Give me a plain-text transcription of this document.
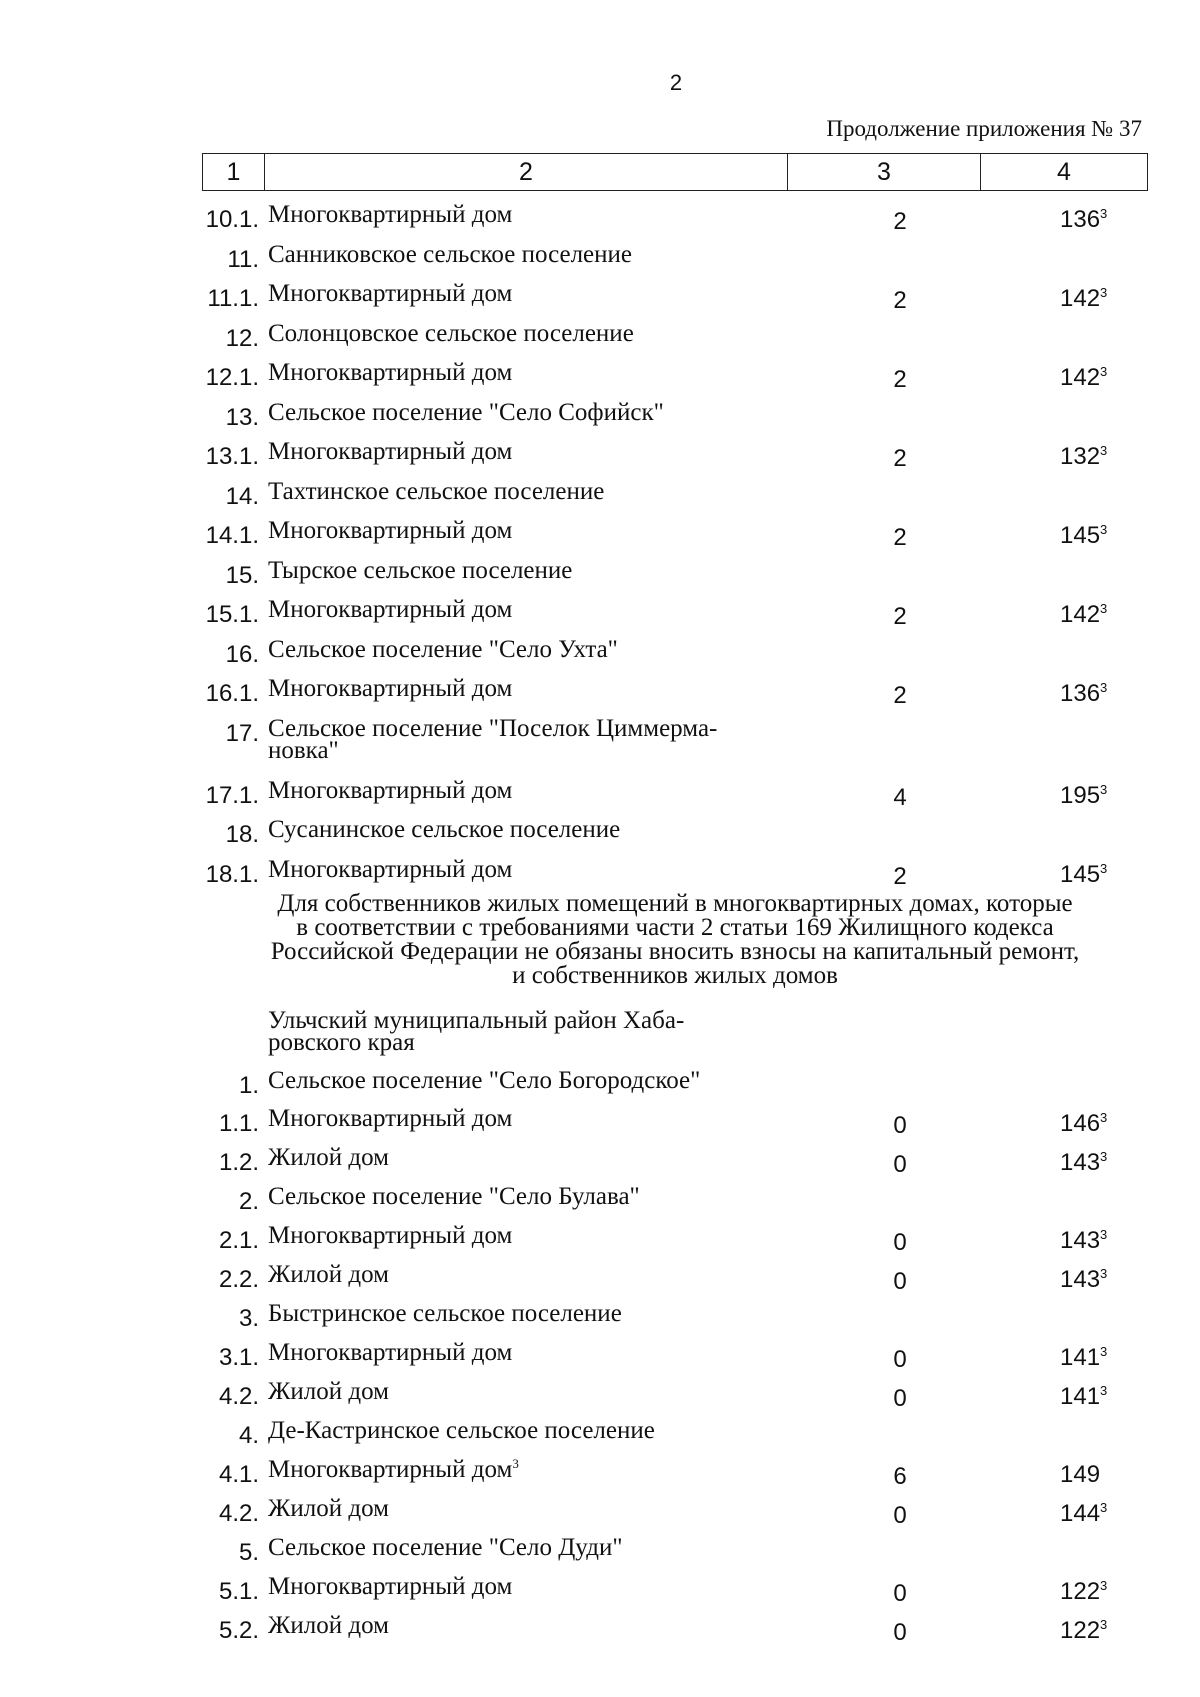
2
Продолжение приложения № 37
1	2	3	4
10.1. Многоквартирный дом	2	$136^3$
11. Санниковское сельское поселение
11.1. Многоквартирный дом	2	$142^3$
12. Солонцовское сельское поселение
12.1. Многоквартирный дом	2	$142^3$
13. Сельское поселение "Село Софийск"
13.1. Многоквартирный дом	2	$132^3$
14. Тахтинское сельское поселение
14.1. Многоквартирный дом	2	$145^3$
15. Тырское сельское поселение
15.1. Многоквартирный дом	2	$142^3$
16. Сельское поселение "Село Ухта"
16.1. Многоквартирный дом	2	$136^3$
17. Сельское поселение "Поселок Циммерма-
новка"
17.1. Многоквартирный дом	4	$195^3$
18. Сусанинское сельское поселение
18.1. Многоквартирный дом	2	$145^3$
Для собственников жилых помещений в многоквартирных домах, которые
в соответствии с требованиями части 2 статьи 169 Жилищного кодекса
Российской Федерации не обязаны вносить взносы на капитальный ремонт,
и собственников жилых домов
Ульчский муниципальный район Хаба-
ровского края
1. Сельское поселение "Село Богородское"
1.1. Многоквартирный дом	0	$146^3$
1.2. Жилой дом	0	$143^3$
2. Сельское поселение "Село Булава"
2.1. Многоквартирный дом	0	$143^3$
2.2. Жилой дом	0	$143^3$
3. Быстринское сельское поселение
3.1. Многоквартирный дом	0	$141^3$
4.2. Жилой дом	0	$141^3$
4. Де-Кастринское сельское поселение
4.1. Многоквартирный дом$^3$	6	149
4.2. Жилой дом	0	$144^3$
5. Сельское поселение "Село Дуди"
5.1. Многоквартирный дом	0	$122^3$
5.2. Жилой дом	0	$122^3$
